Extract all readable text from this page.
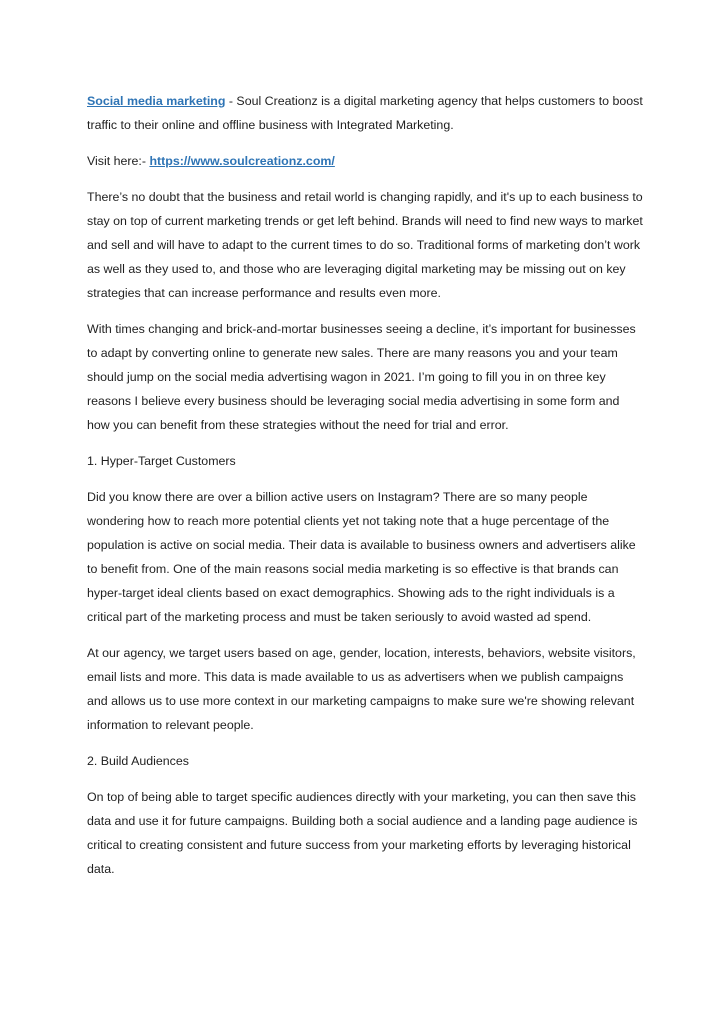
Social media marketing - Soul Creationz is a digital marketing agency that helps customers to boost traffic to their online and offline business with Integrated Marketing.

Visit here:- https://www.soulcreationz.com/

There’s no doubt that the business and retail world is changing rapidly, and it's up to each business to stay on top of current marketing trends or get left behind. Brands will need to find new ways to market and sell and will have to adapt to the current times to do so. Traditional forms of marketing don’t work as well as they used to, and those who are leveraging digital marketing may be missing out on key strategies that can increase performance and results even more.

With times changing and brick-and-mortar businesses seeing a decline, it’s important for businesses to adapt by converting online to generate new sales. There are many reasons you and your team should jump on the social media advertising wagon in 2021. I’m going to fill you in on three key reasons I believe every business should be leveraging social media advertising in some form and how you can benefit from these strategies without the need for trial and error.

1. Hyper-Target Customers

Did you know there are over a billion active users on Instagram? There are so many people wondering how to reach more potential clients yet not taking note that a huge percentage of the population is active on social media. Their data is available to business owners and advertisers alike to benefit from. One of the main reasons social media marketing is so effective is that brands can hyper-target ideal clients based on exact demographics. Showing ads to the right individuals is a critical part of the marketing process and must be taken seriously to avoid wasted ad spend.

At our agency, we target users based on age, gender, location, interests, behaviors, website visitors, email lists and more. This data is made available to us as advertisers when we publish campaigns and allows us to use more context in our marketing campaigns to make sure we're showing relevant information to relevant people.

2. Build Audiences

On top of being able to target specific audiences directly with your marketing, you can then save this data and use it for future campaigns. Building both a social audience and a landing page audience is critical to creating consistent and future success from your marketing efforts by leveraging historical data.
